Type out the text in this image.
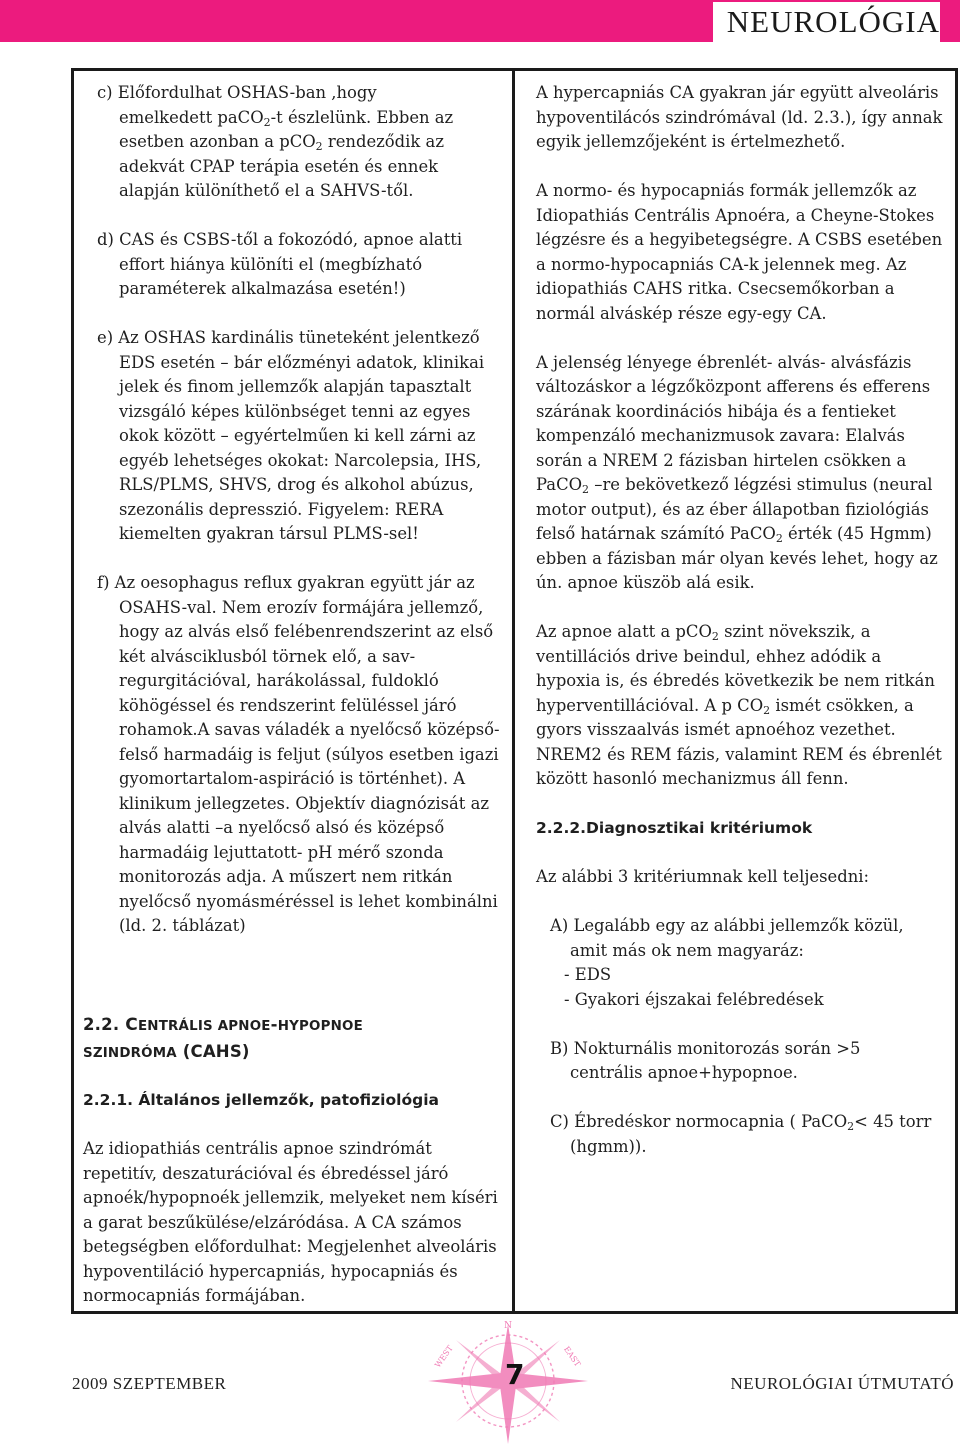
NEUROLÓGIA

c) Előfordulhat OSHAS-ban ,hogy
emelkedett paCO$_2$-t észlelünk. Ebben az esetben azonban a pCO$_2$ rendeződik az adekvát CPAP terápia esetén és ennek alapján különíthető el a SAHVS-től.

d) CAS és CSBS-től a fokozódó, apnoe alatti effort hiánya különíti el (megbízható paraméterek alkalmazása esetén!)

e) Az OSHAS kardinális tüneteként jelentkező EDS esetén – bár előzményi adatok, klinikai jelek és finom jellemzők alapján tapasztalt vizsgáló képes különbséget tenni az egyes okok között – egyértelműen ki kell zárni az egyéb lehetséges okokat: Narcolepsia, IHS, RLS/PLMS, SHVS, drog és alkohol abúzus, szezonális depresszió. Figyelem: RERA kiemelten gyakran társul PLMS-sel!

f) Az oesophagus reflux gyakran együtt jár az OSAHS-val. Nem erozív formájára jellemző, hogy az alvás első felébenrendszerint az első két alvásciklusból törnek elő, a sav-regurgitációval, harákolással, fuldokló köhögéssel és rendszerint felüléssel járó rohamok.A savas váladék a nyelőcső középső-felső harmadáig is feljut (súlyos esetben igazi gyomortartalom-aspiráció is történhet). A klinikum jellegzetes. Objektív diagnózisát az alvás alatti –a nyelőcső alsó és középső harmadáig lejuttatott- pH mérő szonda monitorozás adja. A műszert nem ritkán nyelőcső nyomásméréssel is lehet kombinálni (ld. 2. táblázat)

2.2. CENTRÁLIS APNOE-HYPOPNOE
SZINDRÓMA (CAHS)

2.2.1. Általános jellemzők, patofiziológia

Az idiopathiás centrális apnoe szindrómát repetitív, deszaturációval és ébredéssel járó apnoék/hypopnoék jellemzik, melyeket nem kíséri a garat beszűkülése/elzáródása. A CA számos betegségben előfordulhat: Megjelenhet alveoláris hypoventiláció hypercapniás, hypocapniás és normocapniás formájában.

A hypercapniás CA gyakran jár együtt alveoláris hypoventilácós szindrómával (ld. 2.3.), így annak egyik jellemzőjeként is értelmezhető.

A normo- és hypocapniás formák jellemzők az Idiopathiás Centrális Apnoéra, a Cheyne-Stokes légzésre és a hegyibetegségre. A CSBS esetében a normo-hypocapniás CA-k jelennek meg. Az idiopathiás CAHS ritka. Csecsemőkorban a normál alváskép része egy-egy CA.

A jelenség lényege ébrenlét- alvás- alvásfázis változáskor a légzőközpont afferens és efferens szárának koordinációs hibája és a fentieket kompenzáló mechanizmusok zavara: Elalvás során a NREM 2 fázisban hirtelen csökken a PaCO$_2$ –re bekövetkező légzési stimulus (neural motor output), és az éber állapotban fiziológiás felső határnak számító PaCO$_2$ érték (45 Hgmm) ebben a fázisban már olyan kevés lehet, hogy az ún. apnoe küszöb alá esik.

Az apnoe alatt a pCO$_2$ szint növekszik, a ventillációs drive beindul, ehhez adódik a hypoxia is, és ébredés következik be nem ritkán hyperventillációval. A p $CO_2$ ismét csökken, a gyors visszaalvás ismét apnoéhoz vezethet. NREM2 és REM fázis, valamint REM és ébrenlét között hasonló mechanizmus áll fenn.

2.2.2.Diagnosztikai kritériumok

Az alábbi 3 kritériumnak kell teljesedni:

A) Legalább egy az alábbi jellemzők közül,

amit más ok nem magyaráz:

- EDS

- Gyakori éjszakai felébredések

B) Nokturnális monitorozás során >5

centrális apnoe+hypopnoe.

C) Ébredéskor normocapnia ( PaCO$_2$< 45 torr

(hgmm)).

N
WEST	EAST
2009 SZEPTEMBER	7	NEUROLÓGIAI ÚTMUTATÓ
